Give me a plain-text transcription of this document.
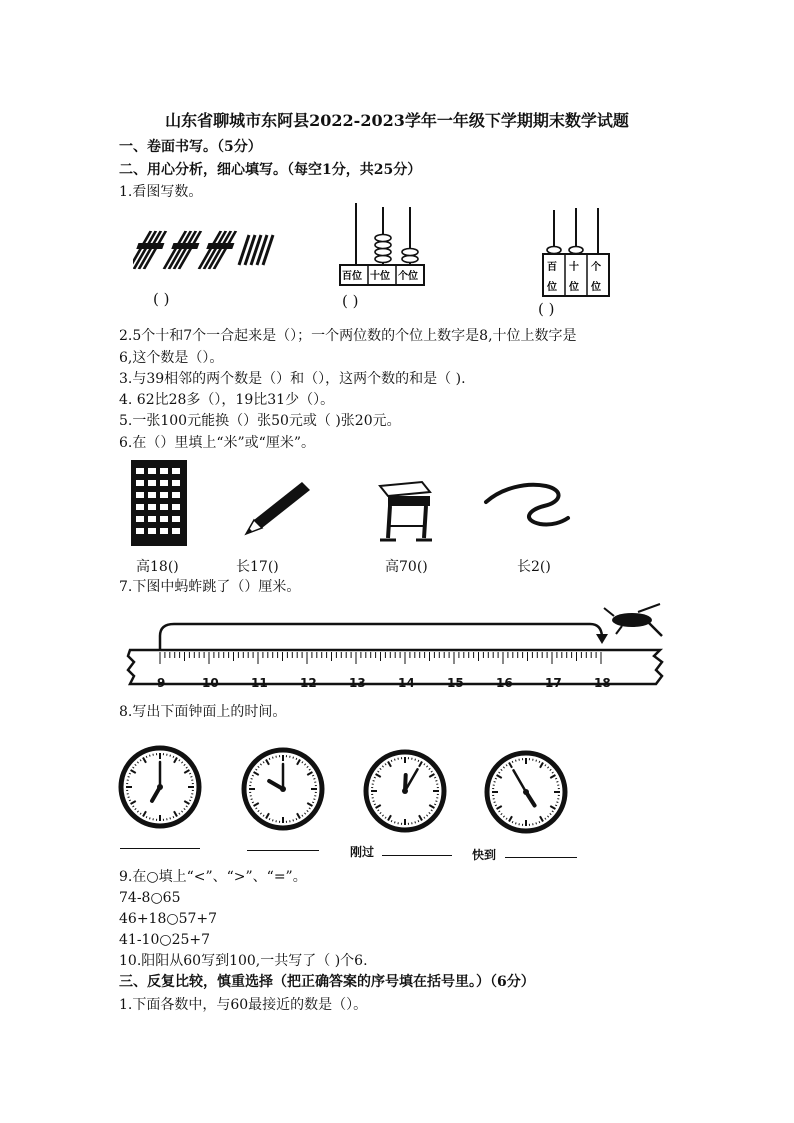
山东省聊城市东阿县2022-2023学年一年级下学期期末数学试题
一、卷面书写。（5分）
二、用心分析，细心填写。（每空1分，共25分）
1.看图写数。
( )
百位 十位 个位
( )
百
位
十
位
个
位
( )
2.5个十和7个一合起来是（）；一个两位数的个位上数字是8,十位上数字是
6,这个数是（）。
3.与39相邻的两个数是（）和（），这两个数的和是（ ).
4. 62比28多（），19比31少（）。
5.一张100元能换（）张50元或（ )张20元。
6.在（）里填上“米”或“厘米”。
高18()	长17()	高70()	长2()
7.下图中蚂蚱跳了（）厘米。
9	10	11	12	13	14	15	16	17	18
8.写出下面钟面上的时间。
刚过	快到
9.在○填上“<”、“>”、“=”。
74-8○65
46+18○57+7
41-10○25+7
10.阳阳从60写到100,一共写了（ )个6.
三、反复比较，慎重选择（把正确答案的序号填在括号里。）（6分）
1.下面各数中，与60最接近的数是（）。
